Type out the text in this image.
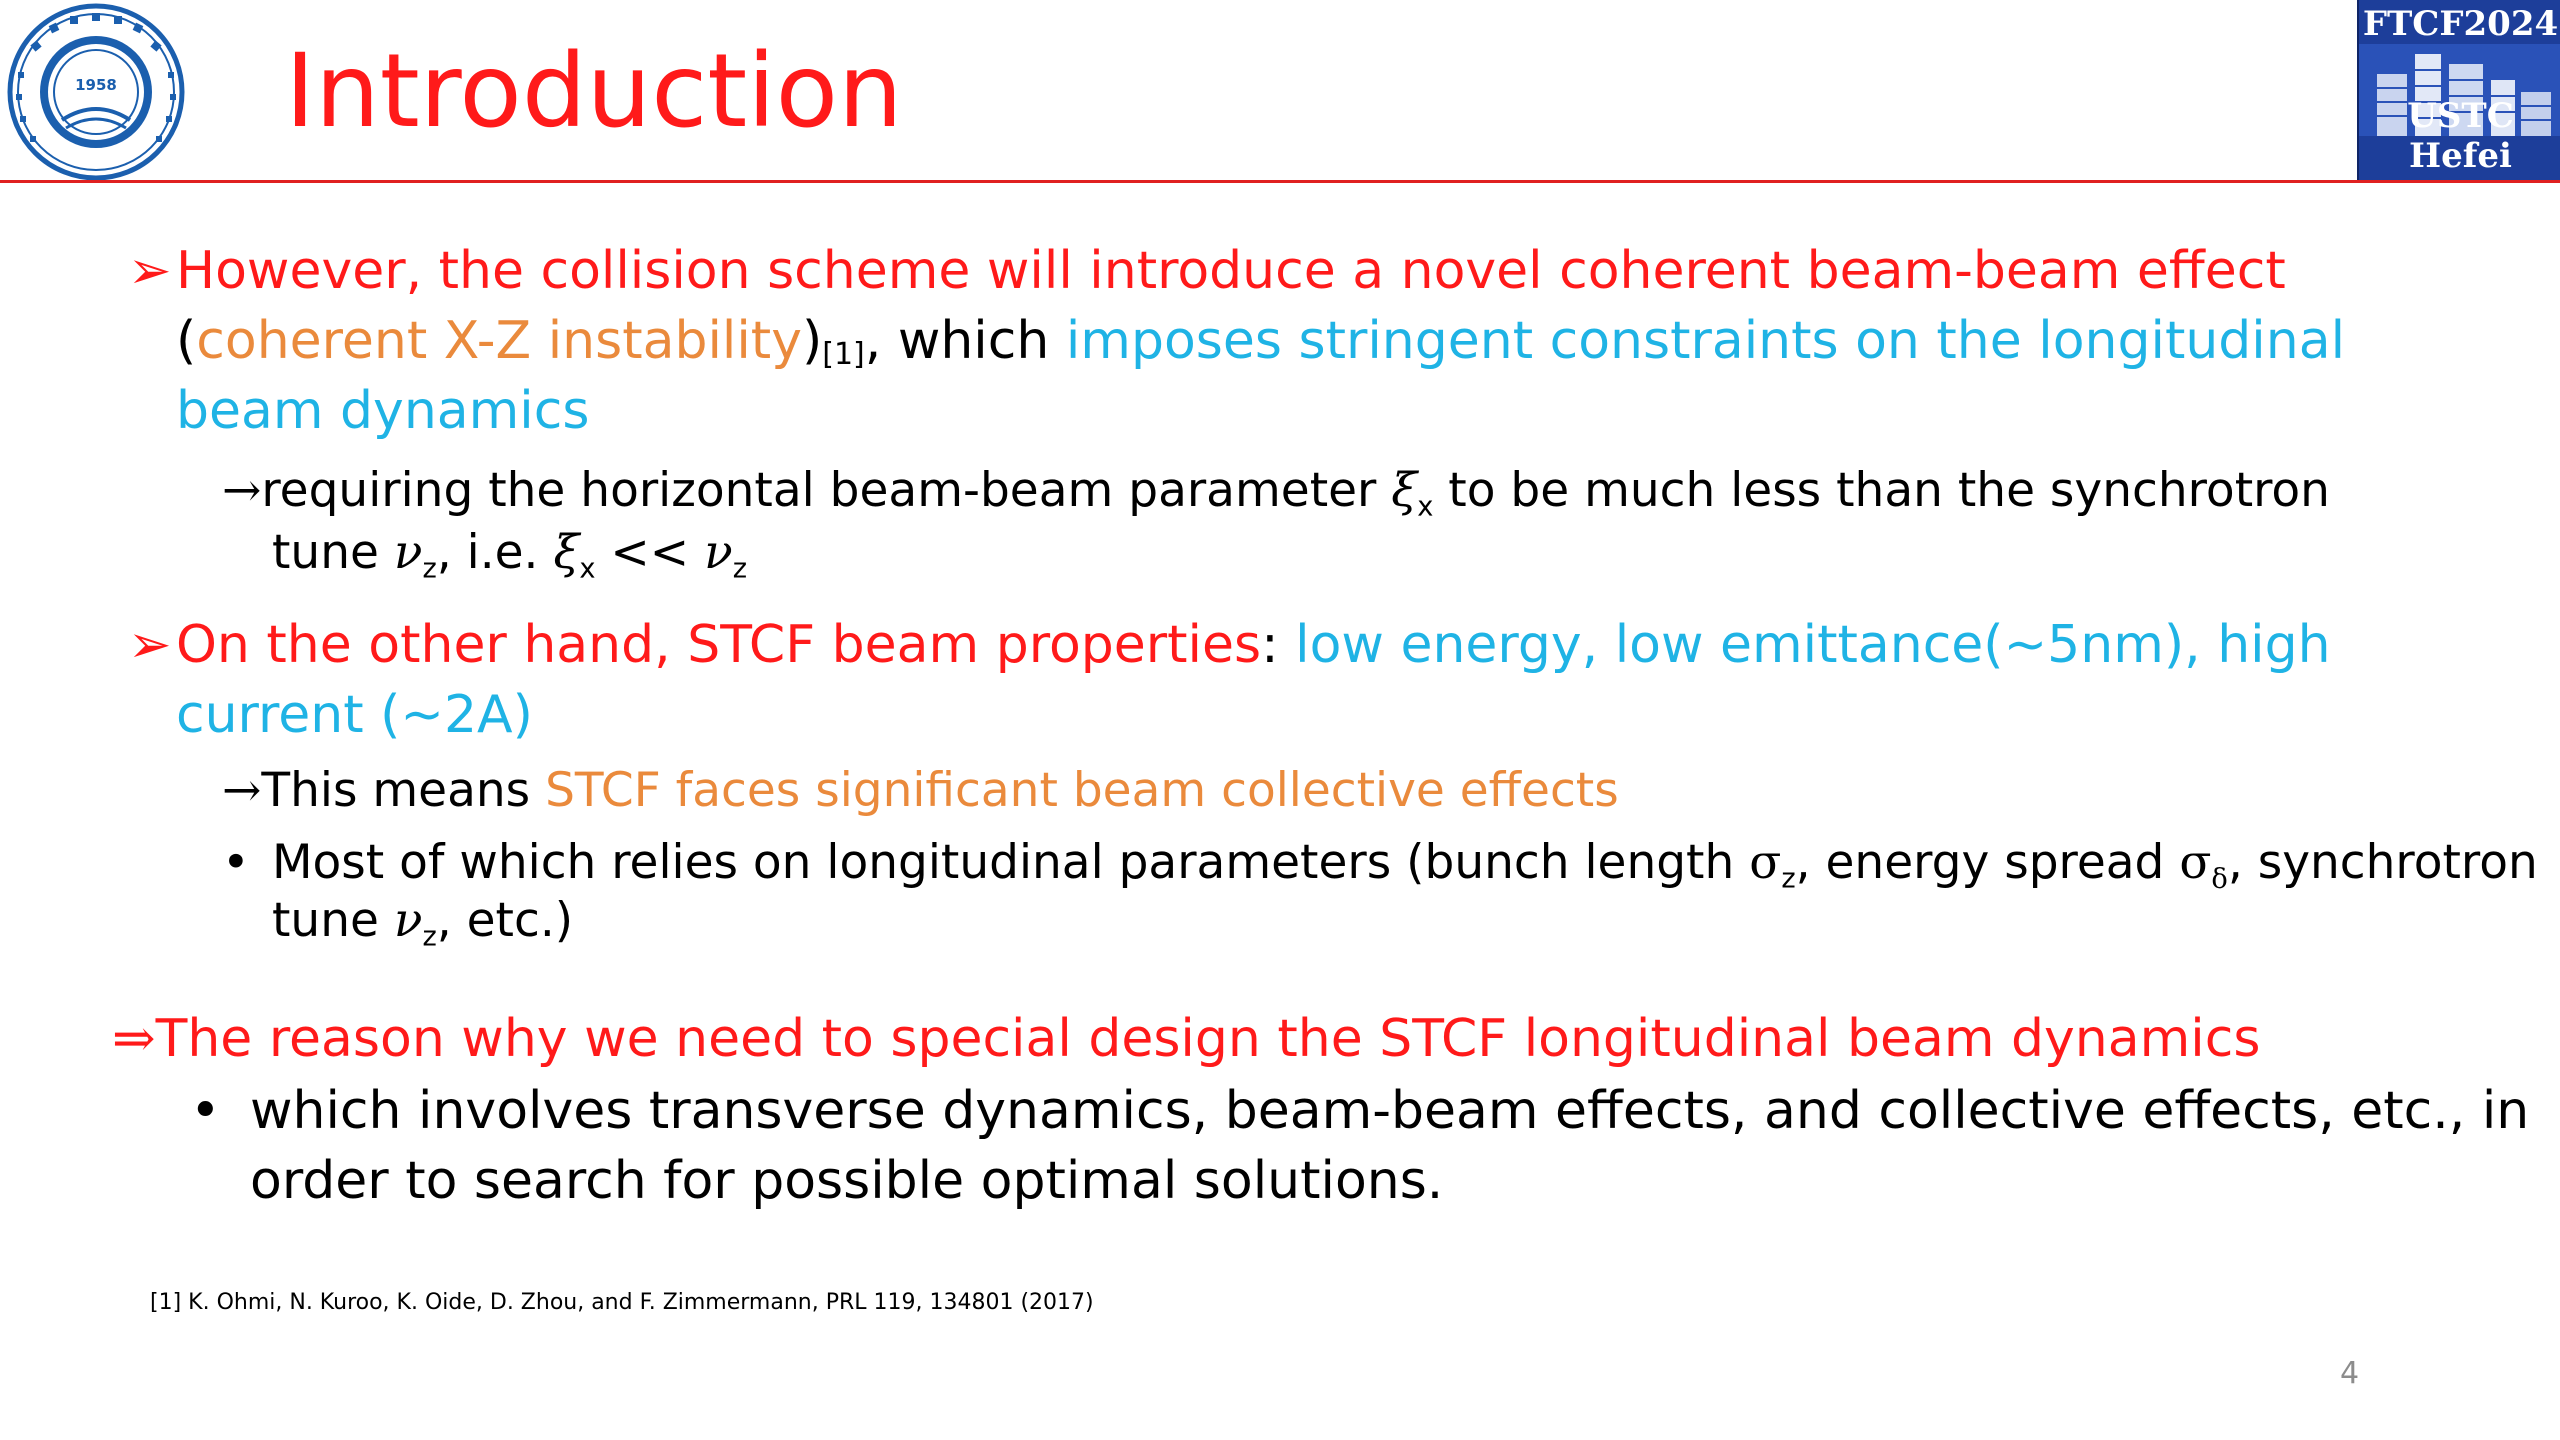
1958 Introduction
FTCF2024
USTC Hefei
➢ However, the collision scheme will introduce a novel coherent beam-beam effect
(coherent X-Z instability)[1], which imposes stringent constraints on the longitudinal
beam dynamics
→requiring the horizontal beam-beam parameter $\xi_x$ to be much less than the synchrotron
tune $\nu_z$, i.e. $\xi_x << \nu_z$
➢ On the other hand, STCF beam properties: low energy, low emittance(~5nm), high
current (~2A)
→This means STCF faces significant beam collective effects
• Most of which relies on longitudinal parameters (bunch length $\sigma_z$, energy spread $\sigma_\delta$, synchrotron
tune $\nu_z$, etc.)
⇒The reason why we need to special design the STCF longitudinal beam dynamics
• which involves transverse dynamics, beam-beam effects, and collective effects, etc., in
order to search for possible optimal solutions.
[1] K. Ohmi, N. Kuroo, K. Oide, D. Zhou, and F. Zimmermann, PRL 119, 134801 (2017)
4
